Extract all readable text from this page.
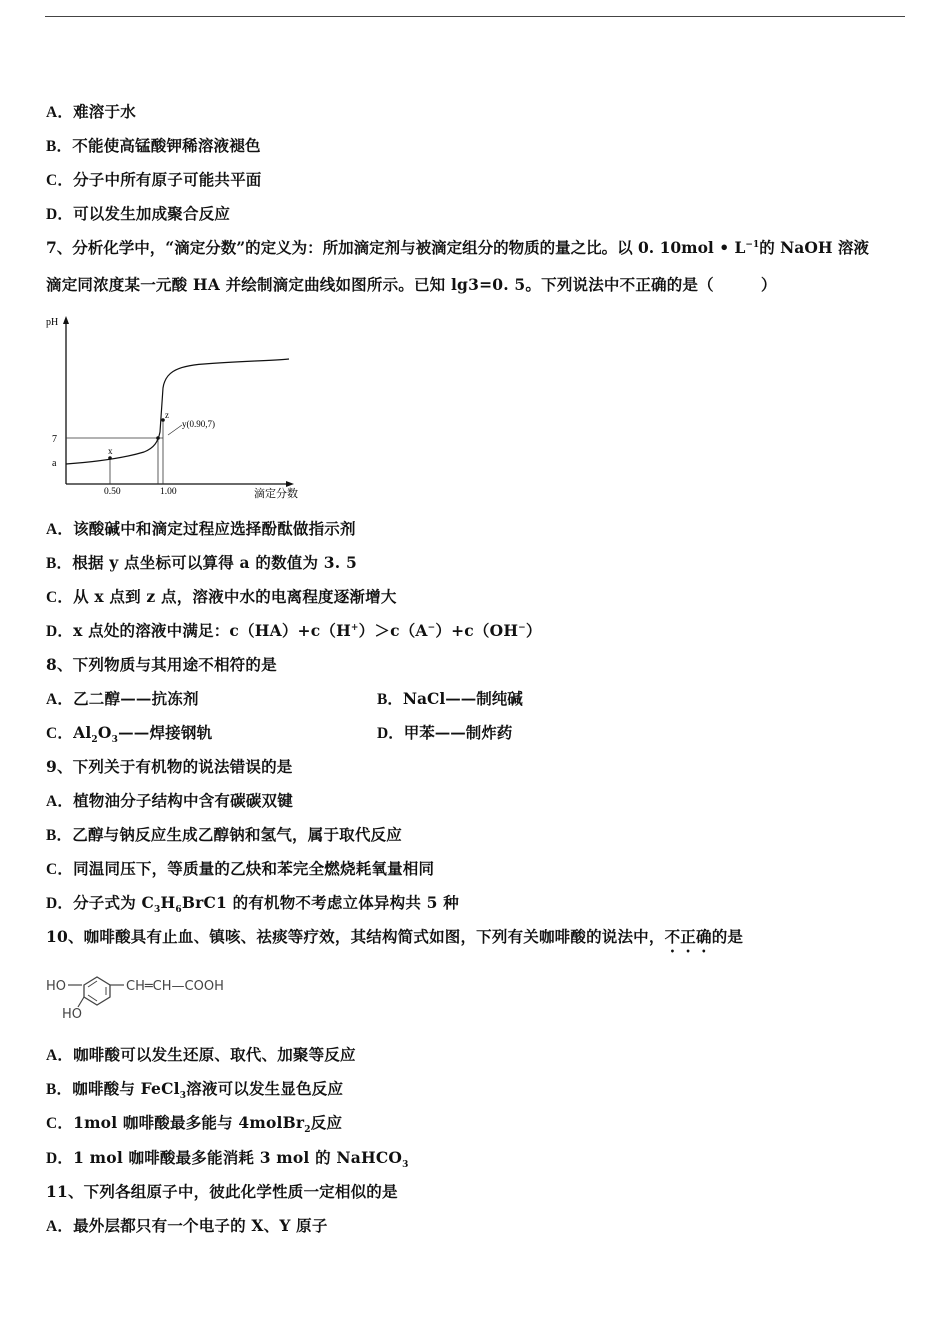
A．难溶于水
B．不能使高锰酸钾稀溶液褪色
C．分子中所有原子可能共平面
D．可以发生加成聚合反应
7、分析化学中，“滴定分数”的定义为：所加滴定剂与被滴定组分的物质的量之比。以 0. 10mol • $L^{-1}$的 NaOH 溶液
滴定同浓度某一元酸 HA 并绘制滴定曲线如图所示。已知 lg3=0. 5。下列说法中不正确的是（　　　）
pH
滴定分数
7
a
x
z
y(0.90,7)
0.50	1.00
A．该酸碱中和滴定过程应选择酚酞做指示剂
B．根据 y 点坐标可以算得 a 的数值为 3. 5
C．从 x 点到 z 点，溶液中水的电离程度逐渐增大
D．x 点处的溶液中满足：c（HA）+c（H+）＞c（A−）+c（OH−）
8、下列物质与其用途不相符的是
A．乙二醇——抗冻剂	B．NaCl——制纯碱
C．$Al_2O_3——$焊接钢轨	D．甲苯——制炸药
9、下列关于有机物的说法错误的是
A．植物油分子结构中含有碳碳双键
B．乙醇与钠反应生成乙醇钠和氢气，属于取代反应
C．同温同压下，等质量的乙炔和苯完全燃烧耗氧量相同
D．分子式为 $C_3H_6BrC1$ 的有机物不考虑立体异构共 5 种
10、咖啡酸具有止血、镇咳、祛痰等疗效，其结构简式如图，下列有关咖啡酸的说法中，不正确的是
HO
HO
CH═CH—COOH
A．咖啡酸可以发生还原、取代、加聚等反应
B．咖啡酸与 FeCl$_3$溶液可以发生显色反应
C．1mol 咖啡酸最多能与 4molBr$_2$反应
D．1 mol 咖啡酸最多能消耗 3 mol 的 NaHCO$_3$
11、下列各组原子中，彼此化学性质一定相似的是
A．最外层都只有一个电子的 X、Y 原子
